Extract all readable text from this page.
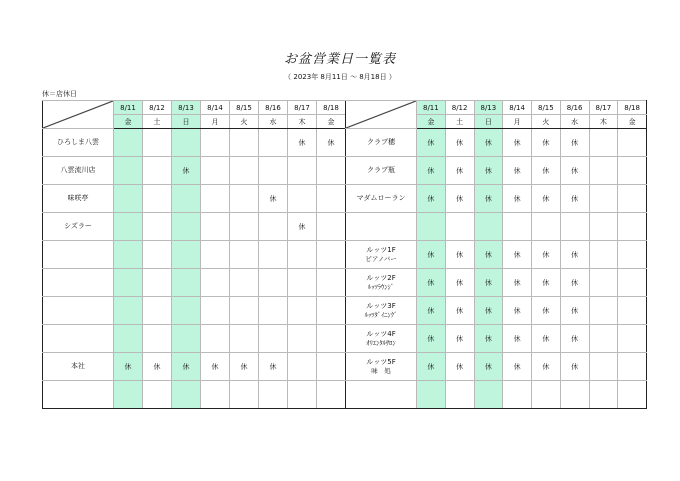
お盆営業日一覧表
（ 2023年 8月11日 ～ 8月18日 ）
休＝店休日
	8/11	8/12	8/13	8/14	8/15	8/16	8/17	8/18
	金	土	日	月	火	水	木	金

ひろしま八雲							休	休

八雲流川店			休					

味咲亭						休		

シズラー							休	

本社	休	休	休	休	休	休		

	8/11	8/12	8/13	8/14	8/15	8/16	8/17	8/18
	金	土	日	月	火	水	木	金

クラブ穂	休	休	休	休	休	休		

クラブ瓶	休	休	休	休	休	休		

マダムローラン	休	休	休	休	休	休		

ルッツ1F
ピアノバー	休	休	休	休	休	休		

ルッツ2F
ﾙｯﾂﾗｳﾝｼﾞ	休	休	休	休	休	休		

ルッツ3F
ﾙｯﾂﾀﾞｲﾆﾝｸﾞ	休	休	休	休	休	休		

ルッツ4F
ｵﾘｴﾝﾀﾙｻﾛﾝ	休	休	休	休	休	休		

ルッツ5F
味　処	休	休	休	休	休	休		
